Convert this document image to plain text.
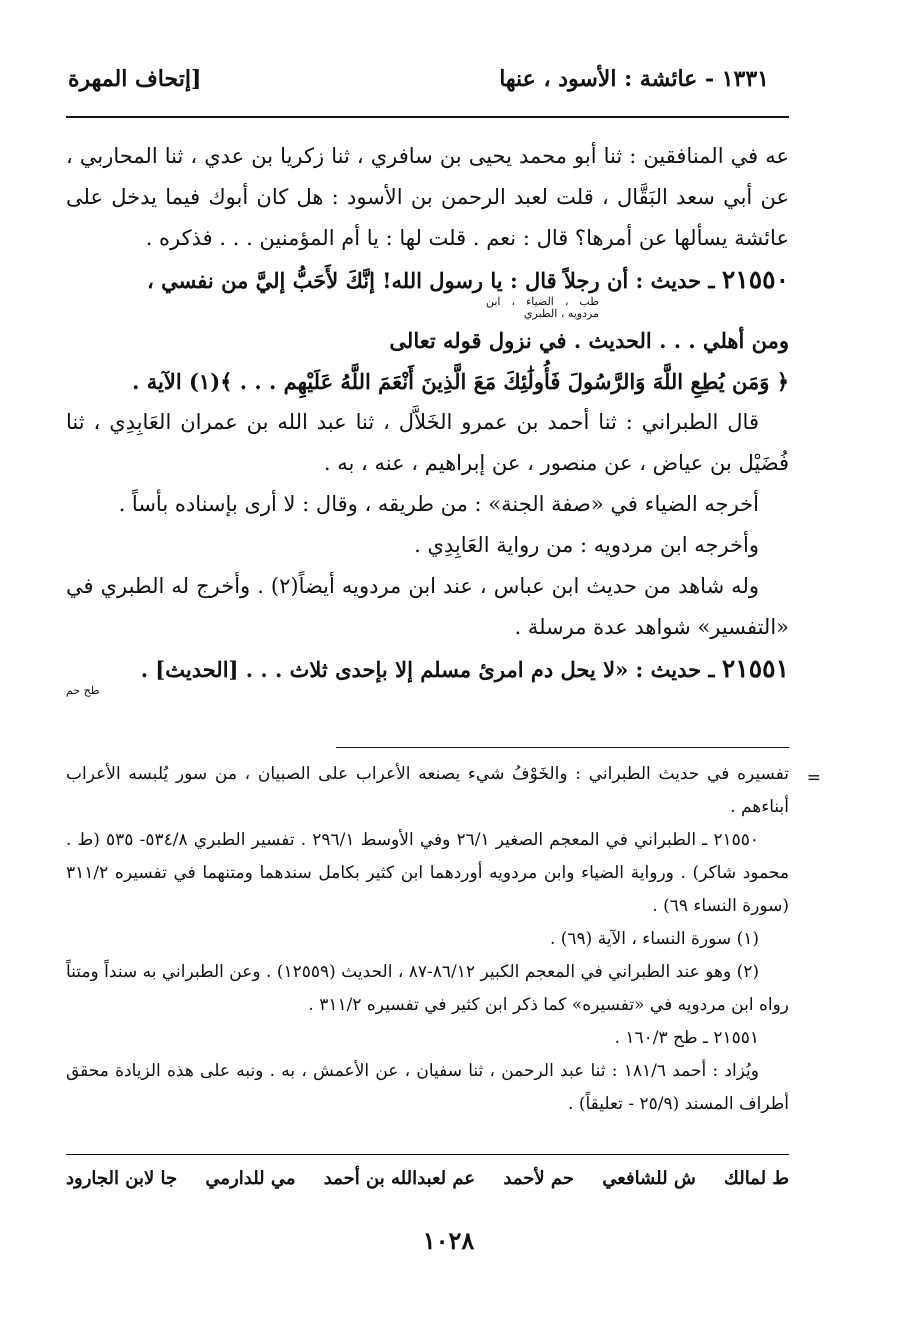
١٣٣١ - عائشة : الأسود ، عنها
[إتحاف المهرة

عه في المنافقين : ثنا أبو محمد يحيى بن سافري ، ثنا زكريا بن عدي ، ثنا المحاربي ، عن أبي سعد البَقَّال ، قلت لعبد الرحمن بن الأسود : هل كان أبوك فيما يدخل على عائشة يسألها عن أمرها؟ قال : نعم . قلت لها : يا أم المؤمنين . . . فذكره .

٢١٥٥٠ ـ حديث : أن رجلاً قال : يا رسول الله! إنَّكَ لأَحَبُّ إليَّ من نفسي ،

طب ، الضياء ، ابن مردويه ، الطبري

ومن أهلي . . . الحديث . في نزول قوله تعالى

﴿ وَمَن يُطِعِ اللَّهَ وَالرَّسُولَ فَأُولَٰئِكَ مَعَ الَّذِينَ أَنْعَمَ اللَّهُ عَلَيْهِم . . . ﴾(١) الآية .

قال الطبراني : ثنا أحمد بن عمرو الخَلاَّل ، ثنا عبد الله بن عمران العَابِدِي ، ثنا فُضَيْل بن عياض ، عن منصور ، عن إبراهيم ، عنه ، به .

أخرجه الضياء في «صفة الجنة» : من طريقه ، وقال : لا أرى بإسناده بأساً .

وأخرجه ابن مردويه : من رواية العَابِدِي .

وله شاهد من حديث ابن عباس ، عند ابن مردويه أيضاً(٢) . وأخرج له الطبري في «التفسير» شواهد عدة مرسلة .

٢١٥٥١ ـ حديث : «لا يحل دم امرئ مسلم إلا بإحدى ثلاث . . . [الحديث] .

طح حم
=

تفسيره في حديث الطبراني : والخَوْفُ شيء يصنعه الأعراب على الصبيان ، من سور يُلبسه الأعراب أبناءهم .

٢١٥٥٠ ـ الطبراني في المعجم الصغير ٢٦/١ وفي الأوسط ٢٩٦/١ . تفسير الطبري ٥٣٤/٨- ٥٣٥ (ط . محمود شاكر) . ورواية الضياء وابن مردويه أوردهما ابن كثير بكامل سندهما ومتنهما في تفسيره ٣١١/٢ (سورة النساء ٦٩) .

(١) سورة النساء ، الآية (٦٩) .

(٢) وهو عند الطبراني في المعجم الكبير ٨٦/١٢-٨٧ ، الحديث (١٢٥٥٩) . وعن الطبراني به سنداً ومتناً رواه ابن مردويه في «تفسيره» كما ذكر ابن كثير في تفسيره ٣١١/٢ .

٢١٥٥١ ـ طح ١٦٠/٣ .

ويُزاد : أحمد ١٨١/٦ : ثنا عبد الرحمن ، ثنا سفيان ، عن الأعمش ، به . ونبه على هذه الزيادة محقق أطراف المسند (٢٥/٩ - تعليقاً) .

ط لمالك
ش للشافعي
حم لأحمد
عم لعبدالله بن أحمد
مي للدارمي
جا لابن الجارود
١٠٢٨
